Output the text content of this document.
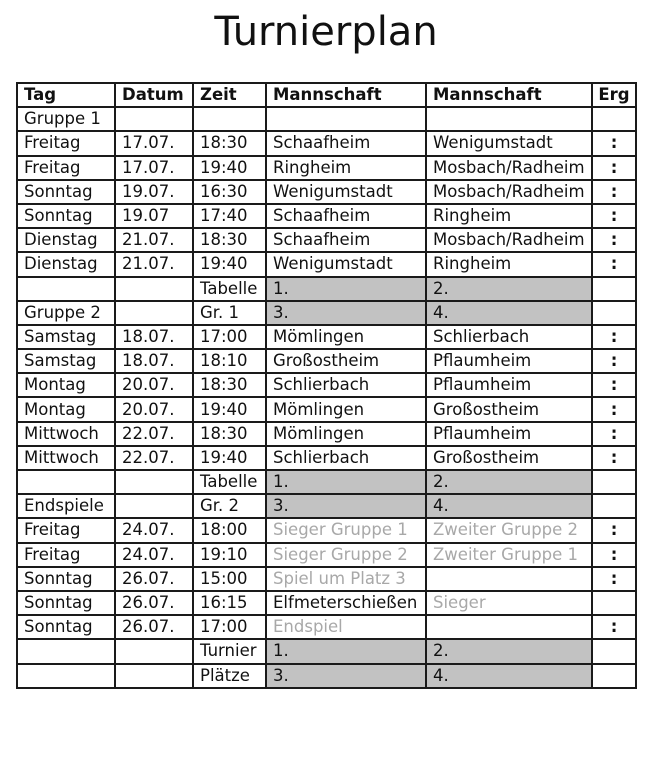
Turnierplan
Tag	Datum	Zeit	Mannschaft	Mannschaft	Erg
Gruppe 1					
Freitag	17.07.	18:30	Schaafheim	Wenigumstadt	:
Freitag	17.07.	19:40	Ringheim	Mosbach/Radheim	:
Sonntag	19.07.	16:30	Wenigumstadt	Mosbach/Radheim	:
Sonntag	19.07	17:40	Schaafheim	Ringheim	:
Dienstag	21.07.	18:30	Schaafheim	Mosbach/Radheim	:
Dienstag	21.07.	19:40	Wenigumstadt	Ringheim	:
		Tabelle	1.	2.	
Gruppe 2		Gr. 1	3.	4.	
Samstag	18.07.	17:00	Mömlingen	Schlierbach	:
Samstag	18.07.	18:10	Großostheim	Pflaumheim	:
Montag	20.07.	18:30	Schlierbach	Pflaumheim	:
Montag	20.07.	19:40	Mömlingen	Großostheim	:
Mittwoch	22.07.	18:30	Mömlingen	Pflaumheim	:
Mittwoch	22.07.	19:40	Schlierbach	Großostheim	:
		Tabelle	1.	2.	
Endspiele		Gr. 2	3.	4.	
Freitag	24.07.	18:00	Sieger Gruppe 1	Zweiter Gruppe 2	:
Freitag	24.07.	19:10	Sieger Gruppe 2	Zweiter Gruppe 1	:
Sonntag	26.07.	15:00	Spiel um Platz 3		:
Sonntag	26.07.	16:15	Elfmeterschießen	Sieger	
Sonntag	26.07.	17:00	Endspiel		:
		Turnier	1.	2.	
		Plätze	3.	4.	
